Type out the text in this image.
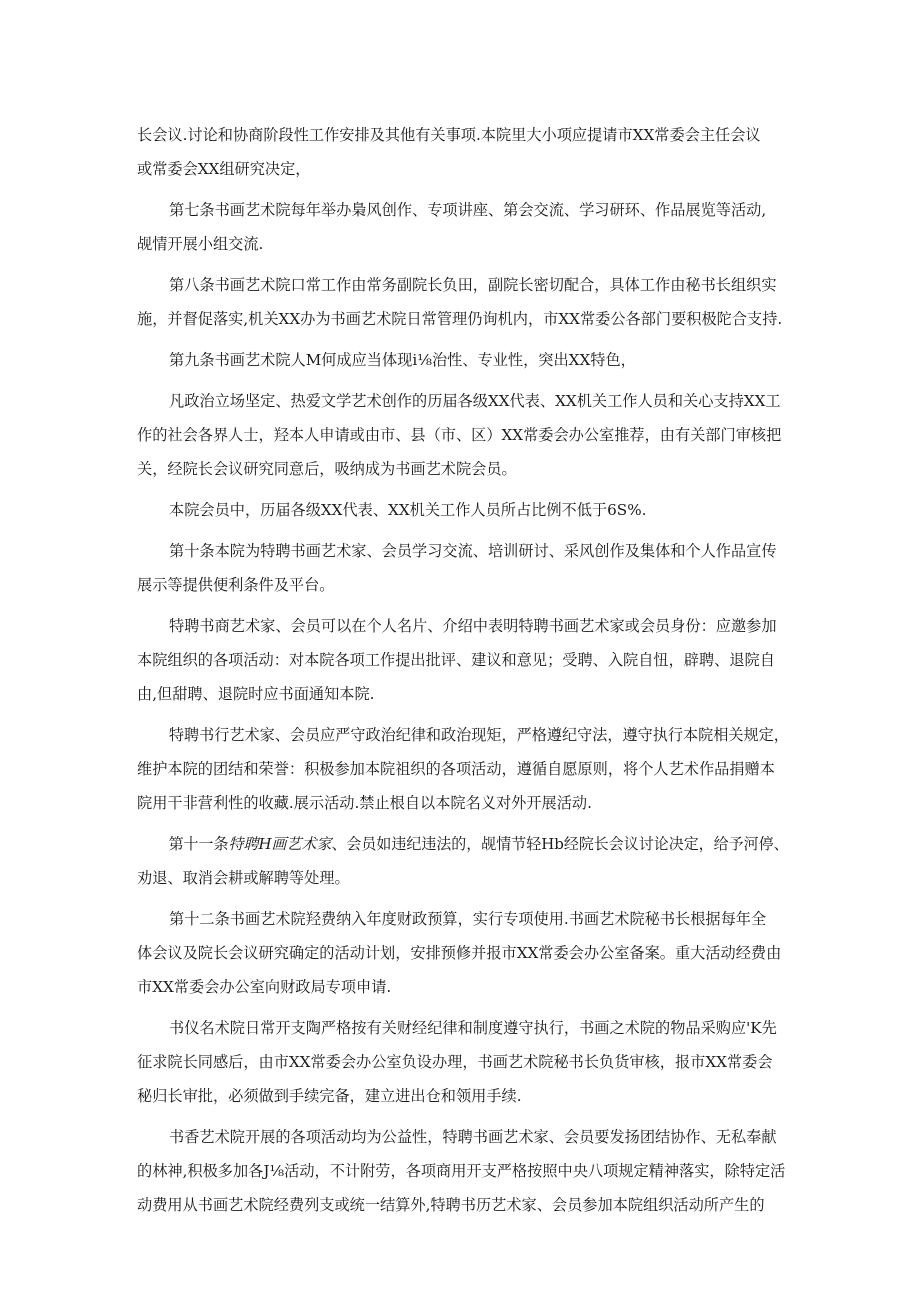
长会议.讨论和协商阶段性工作安排及其他有关事项.本院里大小项应提请市XX常委会主任会议
或常委会XX组研究决定，

第七条书画艺术院每年举办梟风创作、专项讲座、第会交流、学习研环、作品展览等活动,
觇情开展小组交流.

第八条书画艺术院口常工作由常务副院长负田，副院长密切配合，具体工作由秘书长组织实
施，并督促落实,机关XX办为书画艺术院日常管理仍询机内，市XX常委公各部门要积极陀合支持.

第九条书画艺术院人M何成应当体现i⅛治性、专业性，突出XX特色，

凡政治立场坚定、热爱文学艺术创作的历届各级XX代表、XX机关工作人员和关心支持XX工
作的社会各界人士，羟本人申请或由市、县（市、区）XX常委会办公室推荐，由有关部门审核把
关，经院长会议研究同意后，吸纳成为书画艺术院会员。

本院会员中，历届各级XX代表、XX机关工作人员所占比例不低于6S%.

第十条本院为特聘书画艺术家、会员学习交流、培训研讨、采风创作及集体和个人作品宣传
展示等提供便利条件及平台。

特聘书商艺术家、会员可以在个人名片、介绍中表明特聘书画艺术家或会员身份：应邀参加
本院组织的各项活动：对本院各项工作提出批评、建议和意见；受聘、入院自忸，辟聘、退院自
由,但甜聘、退院时应书面通知本院.

特聘书行艺术家、会员应严守政治纪律和政治现矩，严格遵纪守法，遵守执行本院相关规定，
维护本院的团结和荣誉：积极参加本院祖织的各项活动，遵循自愿原则，将个人艺术作品捐赠本
院用干非营利性的收藏.展示活动.禁止根自以本院名义对外开展活动.

第十一条特聘H画艺术家、会员如违纪违法的，觇情节轻Hb经院长会议讨论决定，给予河停、
劝退、取消会耕或解聘等处理。

第十二条书画艺术院羟费纳入年度财政预算，实行专项使用.书画艺术院秘书长根据每年全
体会议及院长会议研究确定的活动计划，安排预修并报市XX常委会办公室备案。重大活动经费由
市XX常委会办公室向财政局专项申请.

书仪名术院日常开支陶严格按有关财经纪律和制度遵守执行，书画之术院的物品采购应'K先
征求院长同感后，由市XX常委会办公室负设办理，书画艺术院秘书长负货审核，报市XX常委会
秘归长审批，必须做到手续完备，建立进出仓和领用手续.

书香艺术院开展的各项活动均为公益性，特聘书画艺术家、会员要发扬团结协作、无私奉献
的林神,积极多加各J⅛活动，不计附劳，各项商用开支严格按照中央八项规定精神落实，除特定活
动费用从书画艺术院经费列支或统一结算外,特聘书历艺术家、会员参加本院组织活动所产生的
